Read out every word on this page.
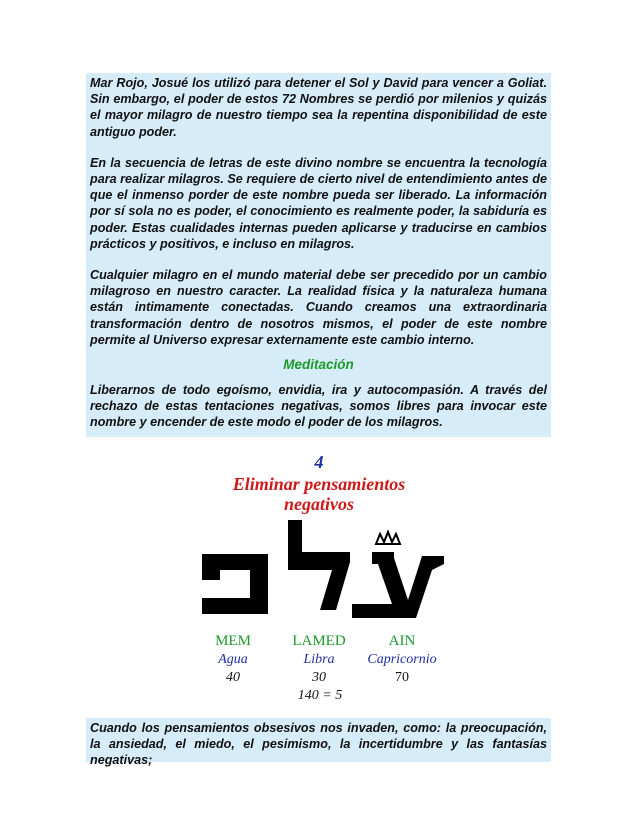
Mar Rojo, Josué los utilizó para detener el Sol y David para vencer a Goliat. Sin embargo, el poder de estos 72 Nombres se perdió por milenios y quizás el mayor milagro de nuestro tiempo sea la repentina disponibilidad de este antiguo poder.

En la secuencia de letras de este divino nombre se encuentra la tecnología para realizar milagros. Se requiere de cierto nivel de entendimiento antes de que el inmenso porder de este nombre pueda ser liberado. La información por sí sola no es poder, el conocimiento es realmente poder, la sabiduría es poder. Estas cualidades internas pueden aplicarse y traducirse en cambios prácticos y positivos, e incluso en milagros.

Cualquier milagro en el mundo material debe ser precedido por un cambio milagroso en nuestro caracter. La realidad física y la naturaleza humana están intimamente conectadas. Cuando creamos una extraordinaria transformación dentro de nosotros mismos, el poder de este nombre permite al Universo expresar externamente este cambio interno.

Meditación

Liberarnos de todo egoísmo, envidia, ira y autocompasión. A través del rechazo de estas tentaciones negativas, somos libres para invocar este nombre y encender de este modo el poder de los milagros.

4
Eliminar pensamientos
negativos
MEM
Agua
40
LAMED
Libra
30
AIN
Capricornio
70
140 = 5

Cuando los pensamientos obsesivos nos invaden, como: la preocupación, la ansiedad, el miedo, el pesimismo, la incertidumbre y las fantasías negativas;
